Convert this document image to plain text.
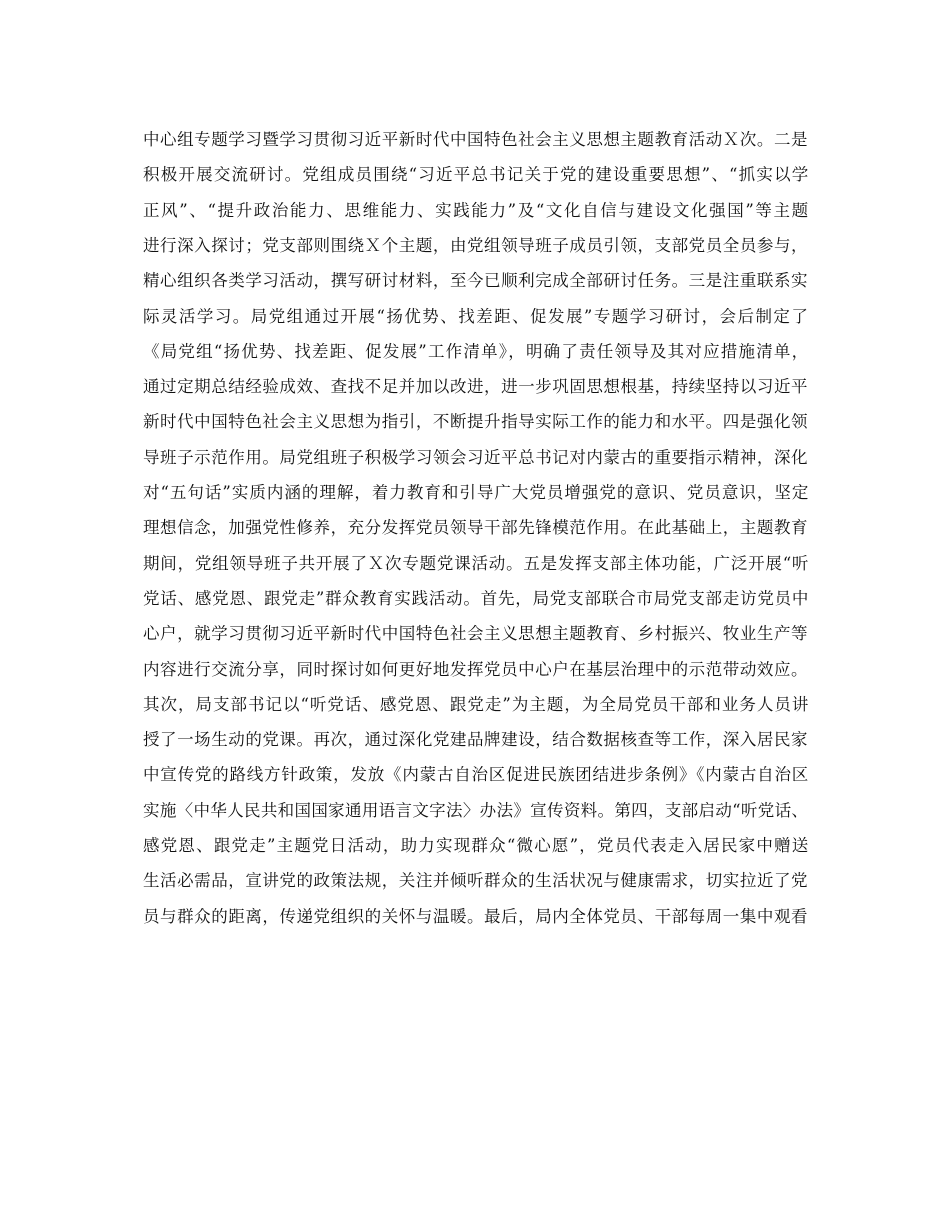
中心组专题学习暨学习贯彻习近平新时代中国特色社会主义思想主题教育活动Ｘ次。二是
积极开展交流研讨。党组成员围绕“习近平总书记关于党的建设重要思想”、“抓实以学
正风”、“提升政治能力、思维能力、实践能力”及“文化自信与建设文化强国”等主题
进行深入探讨；党支部则围绕Ｘ个主题，由党组领导班子成员引领，支部党员全员参与，
精心组织各类学习活动，撰写研讨材料，至今已顺利完成全部研讨任务。三是注重联系实
际灵活学习。局党组通过开展“扬优势、找差距、促发展”专题学习研讨，会后制定了
《局党组“扬优势、找差距、促发展”工作清单》，明确了责任领导及其对应措施清单，
通过定期总结经验成效、查找不足并加以改进，进一步巩固思想根基，持续坚持以习近平
新时代中国特色社会主义思想为指引，不断提升指导实际工作的能力和水平。四是强化领
导班子示范作用。局党组班子积极学习领会习近平总书记对内蒙古的重要指示精神，深化
对“五句话”实质内涵的理解，着力教育和引导广大党员增强党的意识、党员意识，坚定
理想信念，加强党性修养，充分发挥党员领导干部先锋模范作用。在此基础上，主题教育
期间，党组领导班子共开展了Ｘ次专题党课活动。五是发挥支部主体功能，广泛开展“听
党话、感党恩、跟党走”群众教育实践活动。首先，局党支部联合市局党支部走访党员中
心户，就学习贯彻习近平新时代中国特色社会主义思想主题教育、乡村振兴、牧业生产等
内容进行交流分享，同时探讨如何更好地发挥党员中心户在基层治理中的示范带动效应。
其次，局支部书记以“听党话、感党恩、跟党走”为主题，为全局党员干部和业务人员讲
授了一场生动的党课。再次，通过深化党建品牌建设，结合数据核查等工作，深入居民家
中宣传党的路线方针政策，发放《内蒙古自治区促进民族团结进步条例》《内蒙古自治区
实施〈中华人民共和国国家通用语言文字法〉办法》宣传资料。第四，支部启动“听党话、
感党恩、跟党走”主题党日活动，助力实现群众“微心愿”，党员代表走入居民家中赠送
生活必需品，宣讲党的政策法规，关注并倾听群众的生活状况与健康需求，切实拉近了党
员与群众的距离，传递党组织的关怀与温暖。最后，局内全体党员、干部每周一集中观看
